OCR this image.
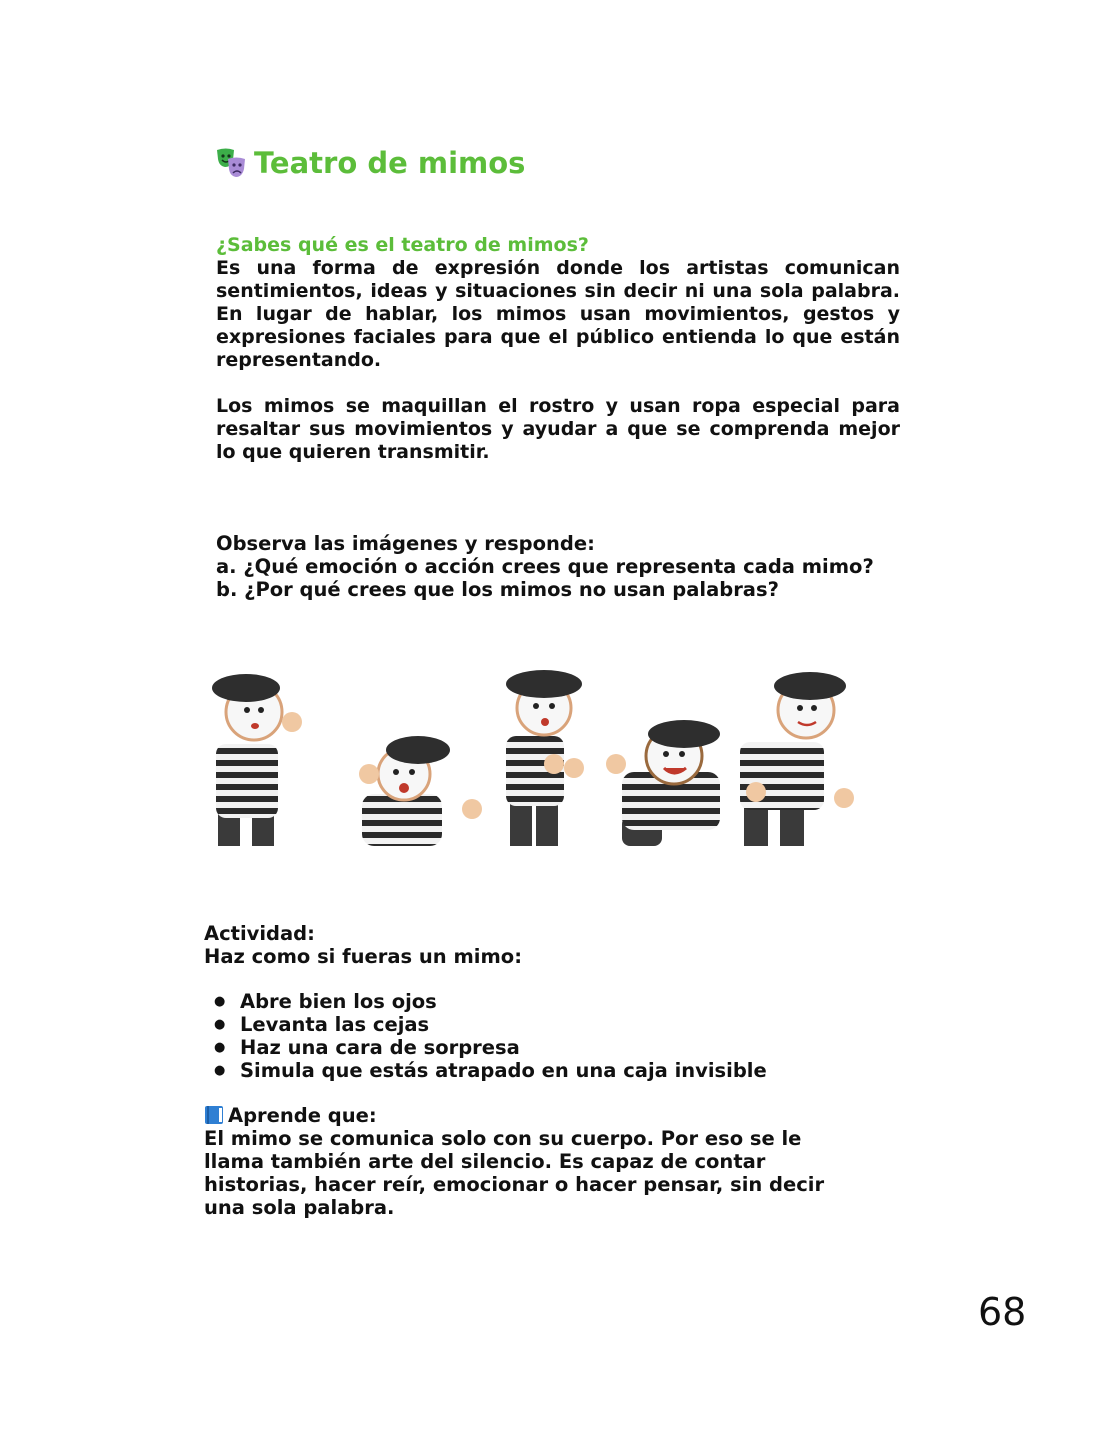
Teatro de mimos

¿Sabes qué es el teatro de mimos?

Es una forma de expresión donde los artistas comunican sentimientos, ideas y situaciones sin decir ni una sola palabra. En lugar de hablar, los mimos usan movimientos, gestos y expresiones faciales para que el público entienda lo que están representando.

Los mimos se maquillan el rostro y usan ropa especial para resaltar sus movimientos y ayudar a que se comprenda mejor lo que quieren transmitir.

Observa las imágenes y responde:

a. ¿Qué emoción o acción crees que representa cada mimo?

b. ¿Por qué crees que los mimos no usan palabras?

Actividad:

Haz como si fueras un mimo:

● Abre bien los ojos
● Levanta las cejas
● Haz una cara de sorpresa
● Simula que estás atrapado en una caja invisible

Aprende que:

El mimo se comunica solo con su cuerpo. Por eso se le llama también arte del silencio. Es capaz de contar historias, hacer reír, emocionar o hacer pensar, sin decir una sola palabra.

68
